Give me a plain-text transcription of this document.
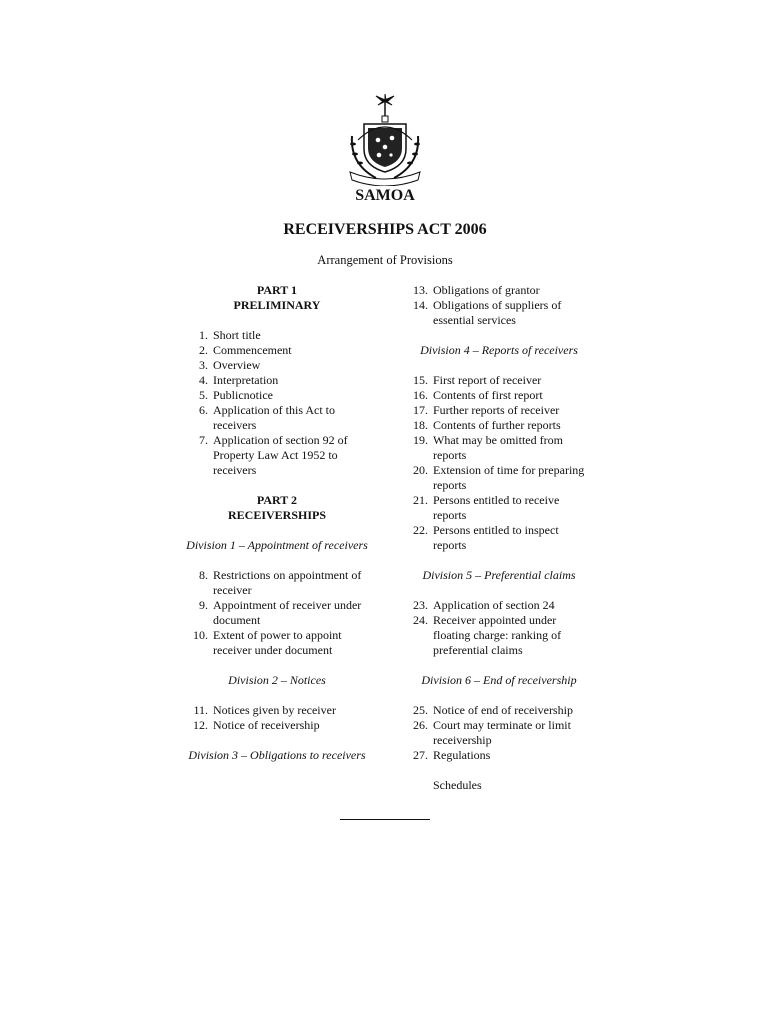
SAMOA
RECEIVERSHIPS ACT 2006
Arrangement of Provisions
PART 1
PRELIMINARY
1. Short title
2. Commencement
3. Overview
4. Interpretation
5. Publicnotice
6. Application of this Act to receivers
7. Application of section 92 of Property Law Act 1952 to receivers
PART 2
RECEIVERSHIPS
Division 1 – Appointment of receivers
8. Restrictions on appointment of receiver
9. Appointment of receiver under document
10. Extent of power to appoint receiver under document
Division 2 – Notices
11. Notices given by receiver
12. Notice of receivership
Division 3 – Obligations to receivers
13. Obligations of grantor
14. Obligations of suppliers of essential services
Division 4 – Reports of receivers
15. First report of receiver
16. Contents of first report
17. Further reports of receiver
18. Contents of further reports
19. What may be omitted from reports
20. Extension of time for preparing reports
21. Persons entitled to receive reports
22. Persons entitled to inspect reports
Division 5 – Preferential claims
23. Application of section 24
24. Receiver appointed under floating charge: ranking of preferential claims
Division 6 – End of receivership
25. Notice of end of receivership
26. Court may terminate or limit receivership
27. Regulations
Schedules
